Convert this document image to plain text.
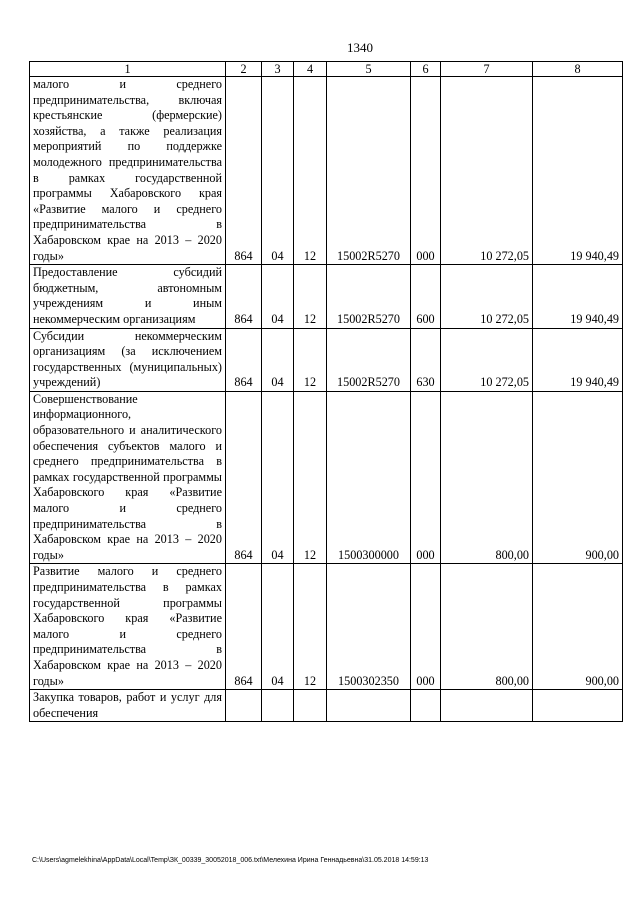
1340
1	2	3	4	5	6	7	8
малого и среднего предпринимательства, включая крестьянские (фермерские) хозяйства, а также реализация мероприятий по поддержке молодежного предпринимательства в рамках государственной программы Хабаровского края «Развитие малого и среднего предпринимательства в Хабаровском крае на 2013 – 2020 годы»	864	04	12	15002R5270	000	10 272,05	19 940,49
Предоставление субсидий бюджетным, автономным учреждениям и иным некоммерческим организациям	864	04	12	15002R5270	600	10 272,05	19 940,49
Субсидии некоммерческим организациям (за исключением государственных (муниципальных) учреждений)	864	04	12	15002R5270	630	10 272,05	19 940,49
Совершенствование информационного, образовательного и аналитического обеспечения субъектов малого и среднего предпринимательства в рамках государственной программы Хабаровского края «Развитие малого и среднего предпринимательства в Хабаровском крае на 2013 – 2020 годы»	864	04	12	1500300000	000	800,00	900,00
Развитие малого и среднего предпринимательства в рамках государственной программы Хабаровского края «Развитие малого и среднего предпринимательства в Хабаровском крае на 2013 – 2020 годы»	864	04	12	1500302350	000	800,00	900,00
Закупка товаров, работ и услуг для обеспечения							
C:\Users\agmelekhina\AppData\Local\Temp\ЗК_00339_30052018_006.txt\Мелехина Ирина Геннадьевна\31.05.2018 14:59:13
